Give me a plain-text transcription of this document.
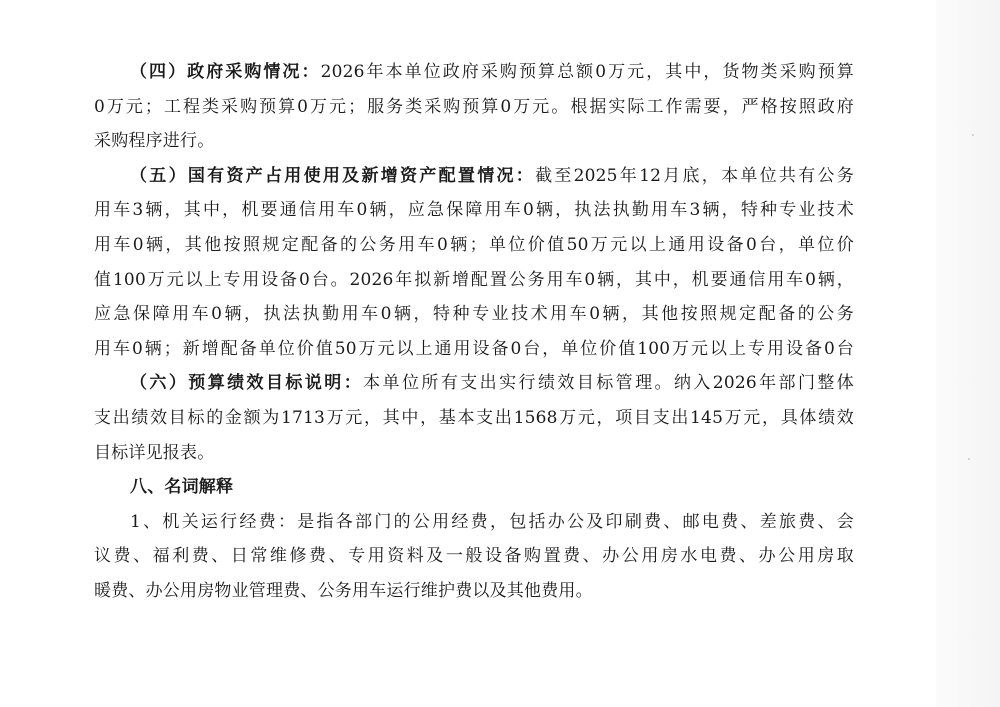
（四）政府采购情况：2026年本单位政府采购预算总额0万元，其中，货物类采购预算
0万元；工程类采购预算0万元；服务类采购预算0万元。根据实际工作需要，严格按照政府
采购程序进行。
（五）国有资产占用使用及新增资产配置情况：截至2025年12月底，本单位共有公务
用车3辆，其中，机要通信用车0辆，应急保障用车0辆，执法执勤用车3辆，特种专业技术
用车0辆，其他按照规定配备的公务用车0辆；单位价值50万元以上通用设备0台，单位价
值100万元以上专用设备0台。2026年拟新增配置公务用车0辆，其中，机要通信用车0辆，
应急保障用车0辆，执法执勤用车0辆，特种专业技术用车0辆，其他按照规定配备的公务
用车0辆；新增配备单位价值50万元以上通用设备0台，单位价值100万元以上专用设备0台
（六）预算绩效目标说明：本单位所有支出实行绩效目标管理。纳入2026年部门整体
支出绩效目标的金额为1713万元，其中，基本支出1568万元，项目支出145万元，具体绩效
目标详见报表。
八、名词解释
1、机关运行经费：是指各部门的公用经费，包括办公及印刷费、邮电费、差旅费、会
议费、福利费、日常维修费、专用资料及一般设备购置费、办公用房水电费、办公用房取
暖费、办公用房物业管理费、公务用车运行维护费以及其他费用。
